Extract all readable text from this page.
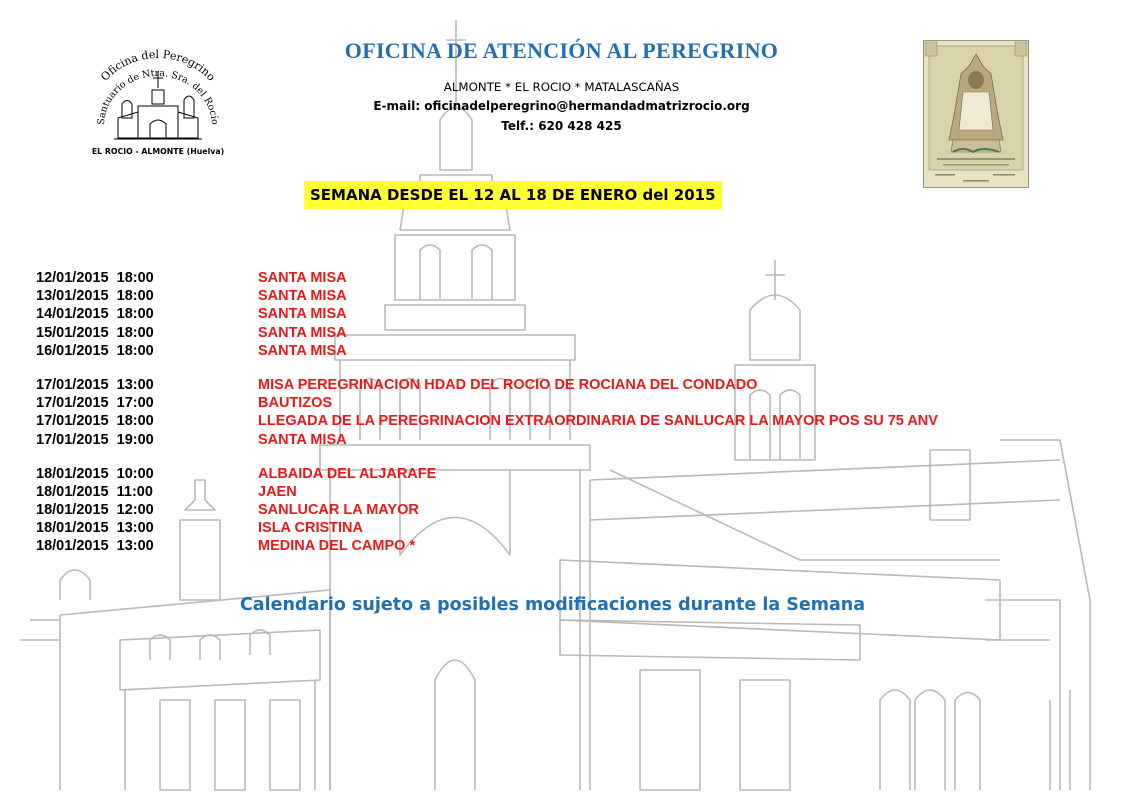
Oficina del Peregrino
Santuario de Ntra. Sra. del Rocío
EL ROCIO - ALMONTE (Huelva)
OFICINA DE ATENCIÓN AL PEREGRINO
ALMONTE * EL ROCIO * MATALASCAÑAS
E-mail: oficinadelperegrino@hermandadmatrizrocio.org
Telf.: 620 428 425
SEMANA DESDE EL 12 AL 18 DE ENERO del 2015
12/01/2015  18:00	SANTA MISA
13/01/2015  18:00	SANTA MISA
14/01/2015  18:00	SANTA MISA
15/01/2015  18:00	SANTA MISA
16/01/2015  18:00	SANTA MISA
17/01/2015  13:00	MISA PEREGRINACION HDAD DEL ROCIO DE ROCIANA DEL CONDADO
17/01/2015  17:00	BAUTIZOS
17/01/2015  18:00	LLEGADA DE LA PEREGRINACION EXTRAORDINARIA DE SANLUCAR LA MAYOR POS SU 75 ANV
17/01/2015  19:00	SANTA MISA
18/01/2015  10:00	ALBAIDA DEL ALJARAFE
18/01/2015  11:00	JAEN
18/01/2015  12:00	SANLUCAR LA MAYOR
18/01/2015  13:00	ISLA CRISTINA
18/01/2015  13:00	MEDINA DEL CAMPO *
Calendario sujeto a posibles modificaciones durante la Semana
